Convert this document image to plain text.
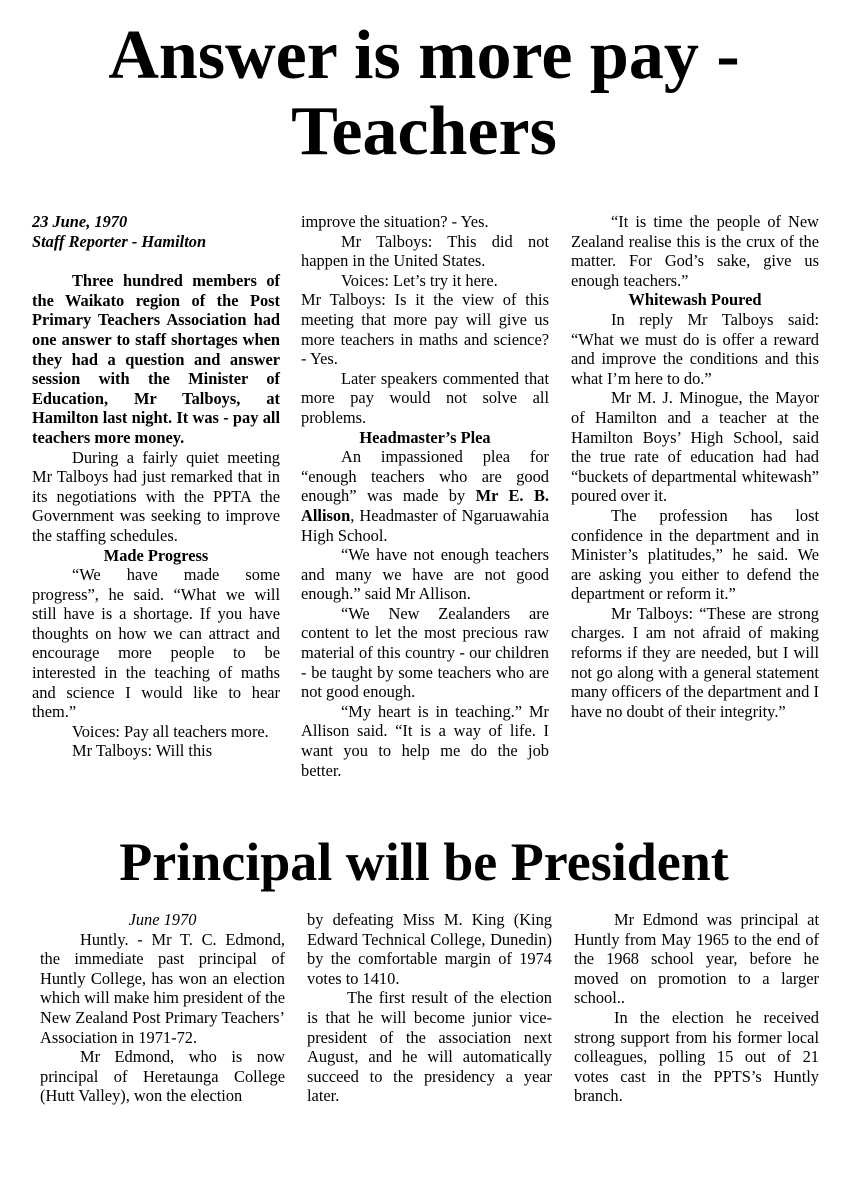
Answer is more pay - Teachers

23 June, 1970

Staff Reporter - Hamilton

Three hundred members of the Waikato region of the Post Primary Teachers Association had one answer to staff shortages when they had a question and answer session with the Minister of Education, Mr Talboys, at Hamilton last night. It was - pay all teachers more money.

During a fairly quiet meeting Mr Talboys had just remarked that in its negotiations with the PPTA the Government was seeking to improve the staffing schedules.

Made Progress

“We have made some progress”, he said. “What we will still have is a shortage. If you have thoughts on how we can attract and encourage more people to be interested in the teaching of maths and science I would like to hear them.”

Voices: Pay all teachers more.

Mr Talboys: Will this

improve the situation? - Yes.

Mr Talboys: This did not happen in the United States.

Voices: Let’s try it here.

Mr Talboys: Is it the view of this meeting that more pay will give us more teachers in maths and science? - Yes.

Later speakers commented that more pay would not solve all problems.

Headmaster’s Plea

An impassioned plea for “enough teachers who are good enough” was made by Mr E. B. Allison, Headmaster of Ngaruawahia High School.

“We have not enough teachers and many we have are not good enough.” said Mr Allison.

“We New Zealanders are content to let the most precious raw material of this country - our children - be taught by some teachers who are not good enough.

“My heart is in teaching.” Mr Allison said. “It is a way of life. I want you to help me do the job better.

“It is time the people of New Zealand realise this is the crux of the matter. For God’s sake, give us enough teachers.”

Whitewash Poured

In reply Mr Talboys said: “What we must do is offer a reward and improve the conditions and this what I’m here to do.”

Mr M. J. Minogue, the Mayor of Hamilton and a teacher at the Hamilton Boys’ High School, said the true rate of education had had “buckets of departmental whitewash” poured over it.

The profession has lost confidence in the department and in Minister’s platitudes,” he said. We are asking you either to defend the department or reform it.”

Mr Talboys: “These are strong charges. I am not afraid of making reforms if they are needed, but I will not go along with a general statement many officers of the department and I have no doubt of their integrity.”

Principal will be President

June 1970

Huntly. - Mr T. C. Edmond, the immediate past principal of Huntly College, has won an election which will make him president of the New Zealand Post Primary Teachers’ Association in 1971-72.

Mr Edmond, who is now principal of Heretaunga College (Hutt Valley), won the election

by defeating Miss M. King (King Edward Technical College, Dunedin) by the comfortable margin of 1974 votes to 1410.

The first result of the election is that he will become junior vice-president of the association next August, and he will automatically succeed to the presidency a year later.

Mr Edmond was principal at Huntly from May 1965 to the end of the 1968 school year, before he moved on promotion to a larger school..

In the election he received strong support from his former local colleagues, polling 15 out of 21 votes cast in the PPTS’s Huntly branch.
